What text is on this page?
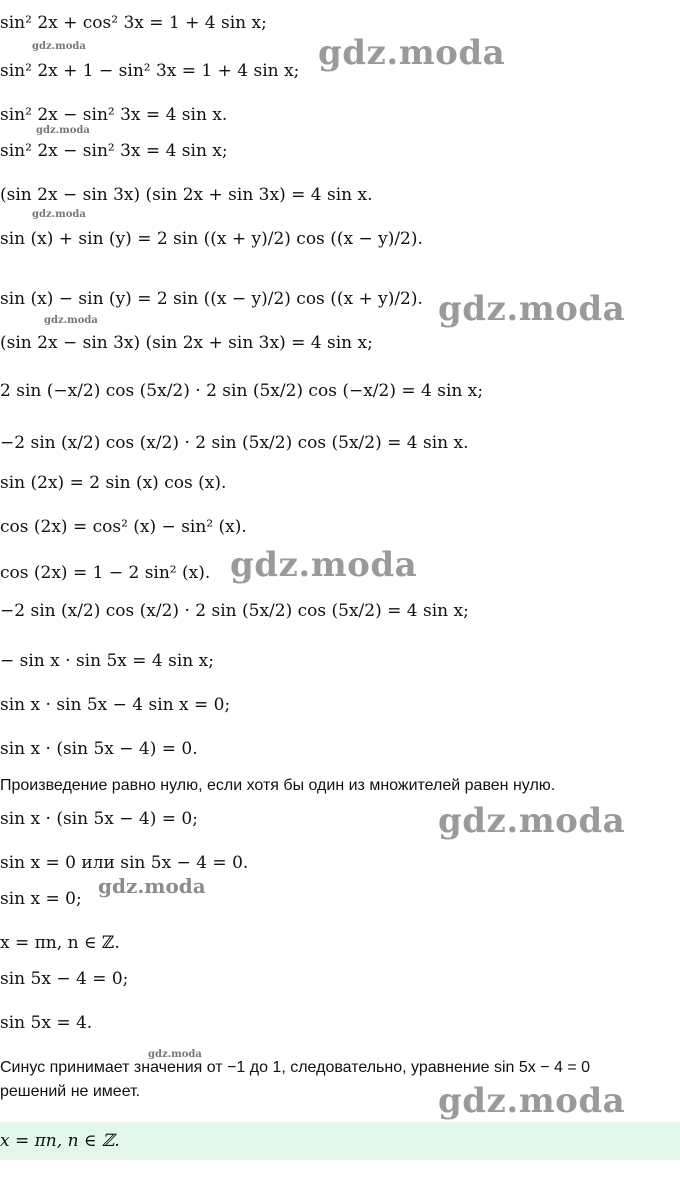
sin² 2x + cos² 3x = 1 + 4 sin x;
sin² 2x + 1 − sin² 3x = 1 + 4 sin x;
sin² 2x − sin² 3x = 4 sin x.
sin² 2x − sin² 3x = 4 sin x;
(sin 2x − sin 3x) (sin 2x + sin 3x) = 4 sin x.
sin (x) + sin (y) = 2 sin ((x + y)/2) cos ((x − y)/2).
sin (x) − sin (y) = 2 sin ((x − y)/2) cos ((x + y)/2).
(sin 2x − sin 3x) (sin 2x + sin 3x) = 4 sin x;
2 sin (−x/2) cos (5x/2) · 2 sin (5x/2) cos (−x/2) = 4 sin x;
−2 sin (x/2) cos (x/2) · 2 sin (5x/2) cos (5x/2) = 4 sin x.
sin (2x) = 2 sin (x) cos (x).
cos (2x) = cos² (x) − sin² (x).
cos (2x) = 1 − 2 sin² (x).
−2 sin (x/2) cos (x/2) · 2 sin (5x/2) cos (5x/2) = 4 sin x;
− sin x · sin 5x = 4 sin x;
sin x · sin 5x − 4 sin x = 0;
sin x · (sin 5x − 4) = 0.
Произведение равно нулю, если хотя бы один из множителей равен нулю.
sin x · (sin 5x − 4) = 0;
sin x = 0 или sin 5x − 4 = 0.
sin x = 0;
x = πn, n ∈ ℤ.
sin 5x − 4 = 0;
sin 5x = 4.
Синус принимает значения от −1 до 1, следовательно, уравнение sin 5x − 4 = 0 решений не имеет.
x = πn, n ∈ ℤ.
gdz.moda	gdz.moda
gdz.moda
gdz.moda
gdz.moda
gdz.moda
gdz.moda
gdz.moda
gdz.moda
gdz.moda
gdz.moda
